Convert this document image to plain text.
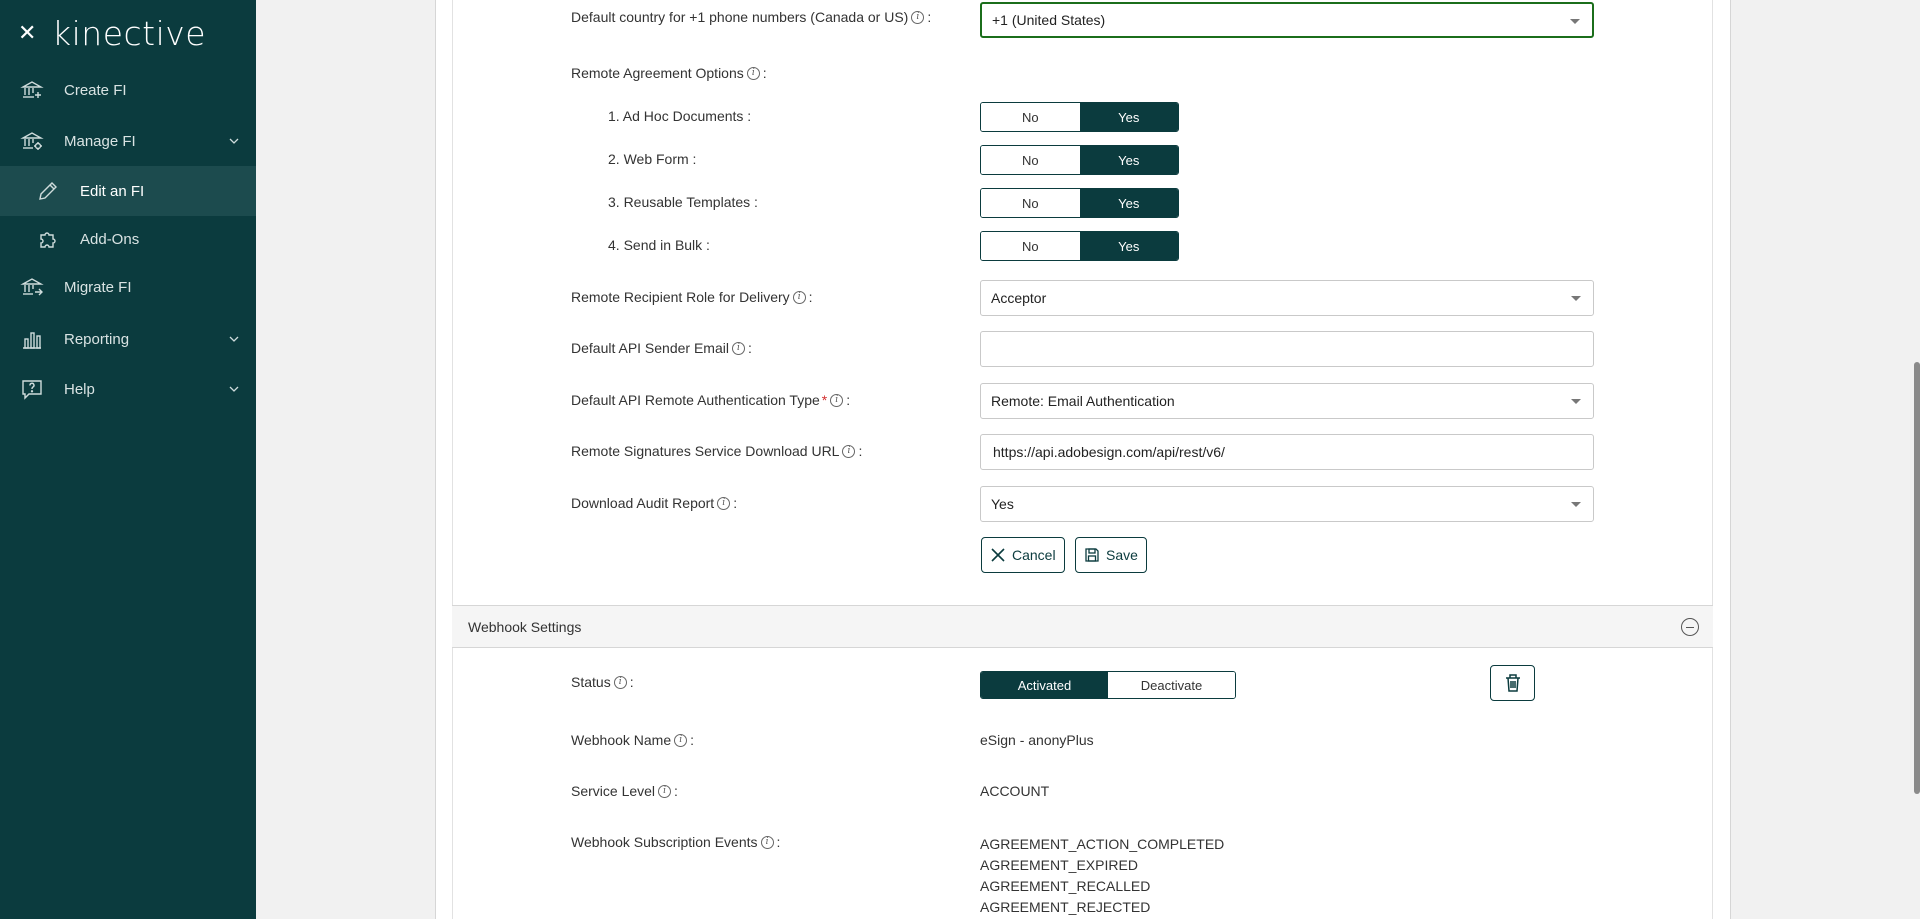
✕ kinective
Create FI
Manage FI
Edit an FI
Add-Ons
Migrate FI
Reporting
Help
Default country for +1 phone numbers (Canada or US) i :	+1 (United States)
Remote Agreement Options i :
1. Ad Hoc Documents :	No	Yes
2. Web Form :	No	Yes
3. Reusable Templates :	No	Yes
4. Send in Bulk :	No	Yes
Remote Recipient Role for Delivery i :	Acceptor
Default API Sender Email i :
Default API Remote Authentication Type * i :	Remote: Email Authentication
Remote Signatures Service Download URL i :	https://api.adobesign.com/api/rest/v6/
Download Audit Report i :	Yes
Cancel	Save
Webhook Settings
Status i :	Activated	Deactivate
Webhook Name i :	eSign - anonyPlus
Service Level i :	ACCOUNT
Webhook Subscription Events i :	AGREEMENT_ACTION_COMPLETED
AGREEMENT_EXPIRED
AGREEMENT_RECALLED
AGREEMENT_REJECTED
